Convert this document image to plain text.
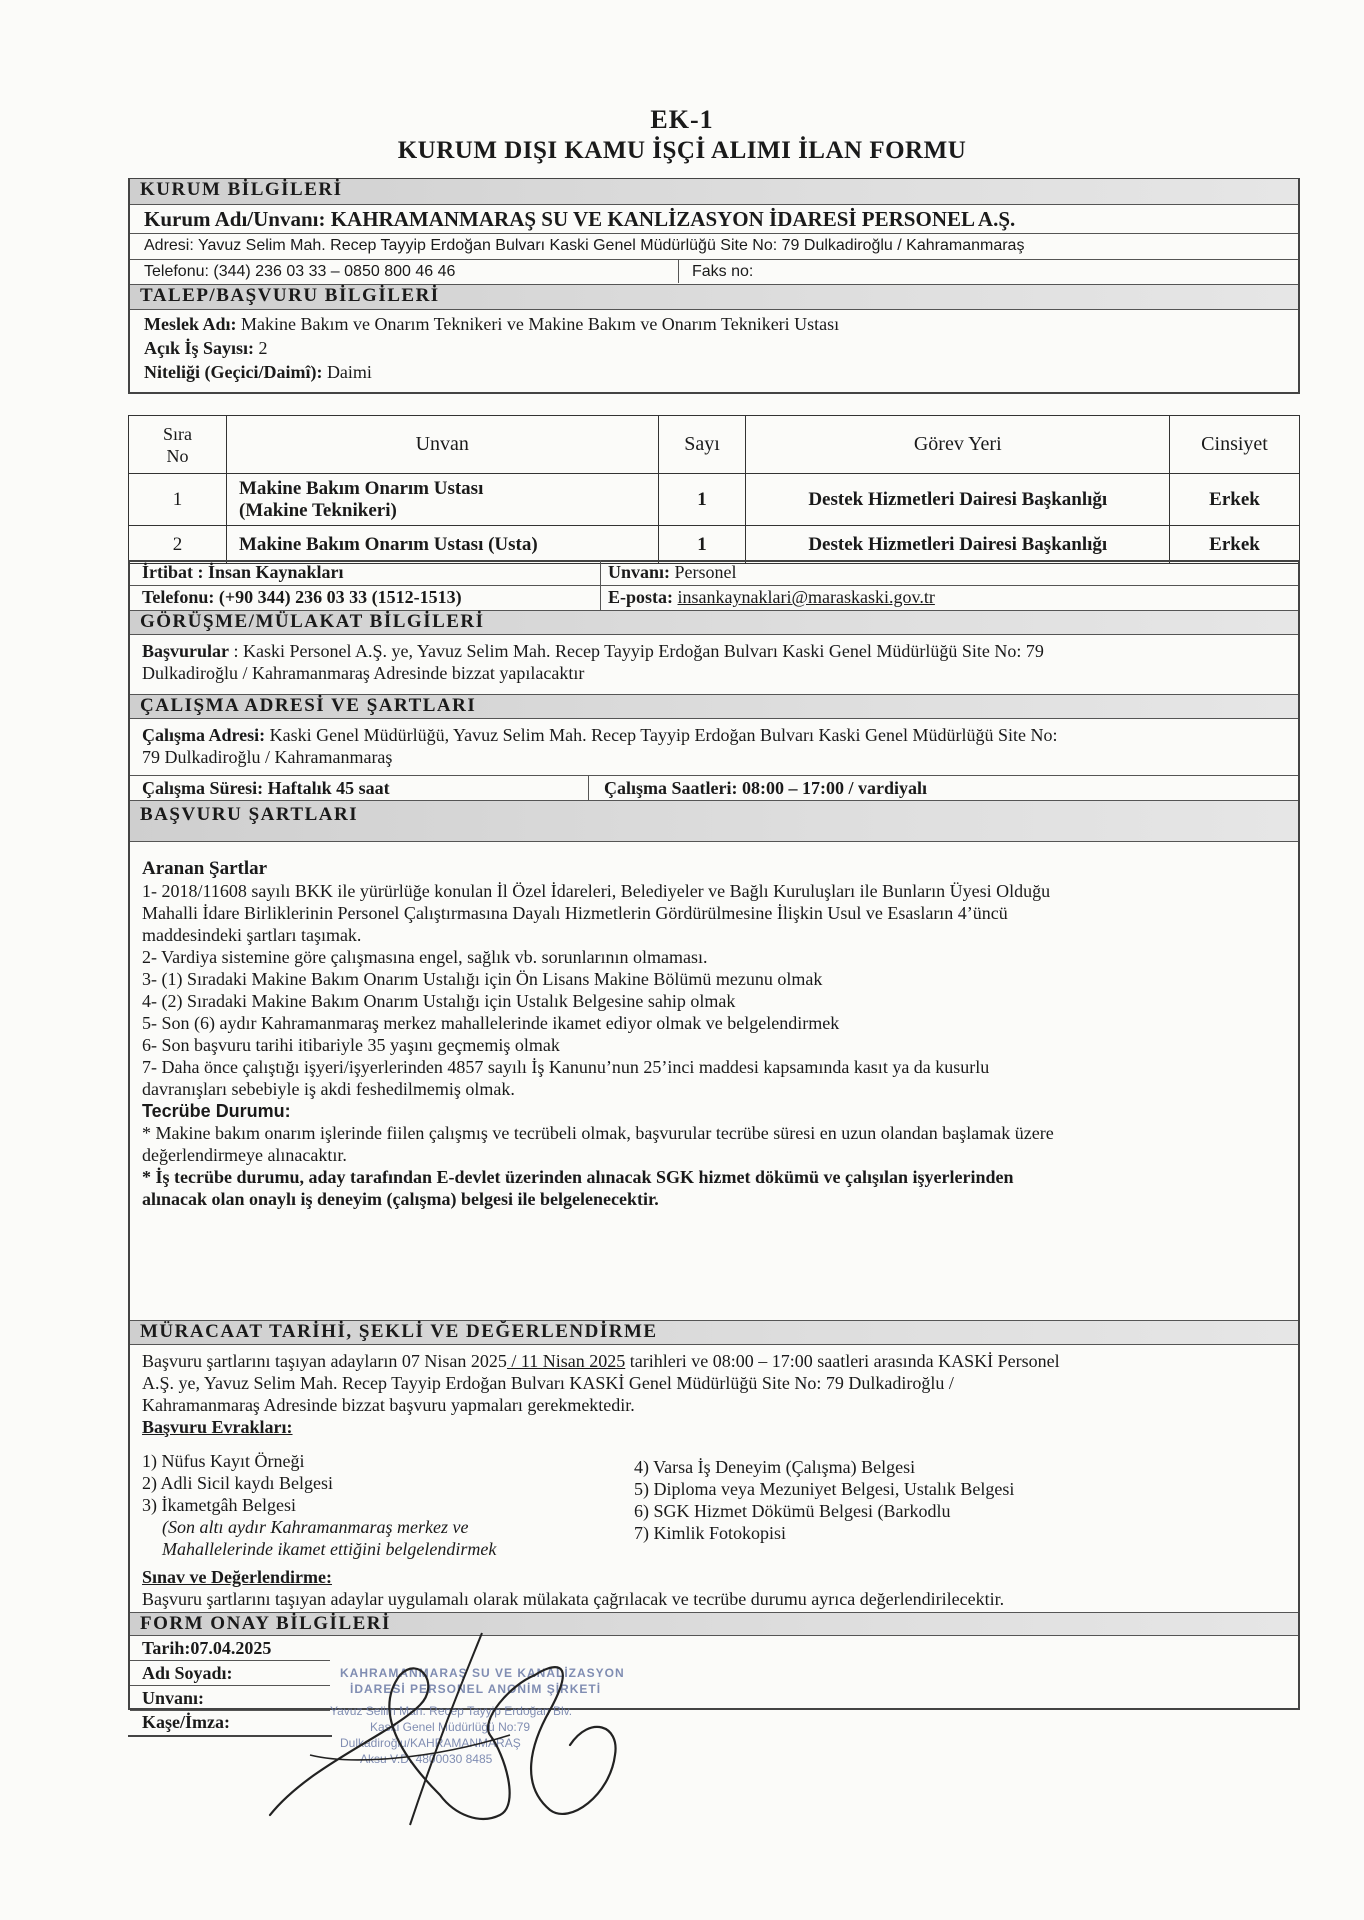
EK-1
KURUM DIŞI KAMU İŞÇİ ALIMI İLAN FORMU
KURUM BİLGİLERİ
Kurum Adı/Unvanı: KAHRAMANMARAŞ SU VE KANLİZASYON İDARESİ PERSONEL A.Ş.
Adresi: Yavuz Selim Mah. Recep Tayyip Erdoğan Bulvarı Kaski Genel Müdürlüğü Site No: 79 Dulkadiroğlu / Kahramanmaraş
Telefonu: (344) 236 03 33 – 0850 800 46 46	Faks no:
TALEP/BAŞVURU BİLGİLERİ
Meslek Adı: Makine Bakım ve Onarım Teknikeri ve Makine Bakım ve Onarım Teknikeri Ustası
Açık İş Sayısı: 2
Niteliği (Geçici/Daimî): Daimi
Sıra No	Unvan	Sayı	Görev Yeri	Cinsiyet
1	Makine Bakım Onarım Ustası
(Makine Teknikeri)	1	Destek Hizmetleri Dairesi Başkanlığı	Erkek
2	Makine Bakım Onarım Ustası (Usta)	1	Destek Hizmetleri Dairesi Başkanlığı	Erkek
İrtibat : İnsan Kaynakları	Unvanı: Personel
Telefonu: (+90 344) 236 03 33 (1512-1513)	E-posta: insankaynaklari@maraskaski.gov.tr
GÖRÜŞME/MÜLAKAT BİLGİLERİ
Başvurular : Kaski Personel A.Ş. ye, Yavuz Selim Mah. Recep Tayyip Erdoğan Bulvarı Kaski Genel Müdürlüğü Site No: 79
Dulkadiroğlu / Kahramanmaraş Adresinde bizzat yapılacaktır
ÇALIŞMA ADRESİ VE ŞARTLARI
Çalışma Adresi: Kaski Genel Müdürlüğü, Yavuz Selim Mah. Recep Tayyip Erdoğan Bulvarı Kaski Genel Müdürlüğü Site No:
79 Dulkadiroğlu / Kahramanmaraş
Çalışma Süresi: Haftalık 45 saat	Çalışma Saatleri: 08:00 – 17:00 / vardiyalı
BAŞVURU ŞARTLARI
Aranan Şartlar
1- 2018/11608 sayılı BKK ile yürürlüğe konulan İl Özel İdareleri, Belediyeler ve Bağlı Kuruluşları ile Bunların Üyesi Olduğu
Mahalli İdare Birliklerinin Personel Çalıştırmasına Dayalı Hizmetlerin Gördürülmesine İlişkin Usul ve Esasların 4’üncü
maddesindeki şartları taşımak.
2- Vardiya sistemine göre çalışmasına engel, sağlık vb. sorunlarının olmaması.
3- (1) Sıradaki Makine Bakım Onarım Ustalığı için Ön Lisans Makine Bölümü mezunu olmak
4- (2) Sıradaki Makine Bakım Onarım Ustalığı için Ustalık Belgesine sahip olmak
5- Son (6) aydır Kahramanmaraş merkez mahallelerinde ikamet ediyor olmak ve belgelendirmek
6- Son başvuru tarihi itibariyle 35 yaşını geçmemiş olmak
7- Daha önce çalıştığı işyeri/işyerlerinden 4857 sayılı İş Kanunu’nun 25’inci maddesi kapsamında kasıt ya da kusurlu
davranışları sebebiyle iş akdi feshedilmemiş olmak.
Tecrübe Durumu:
* Makine bakım onarım işlerinde fiilen çalışmış ve tecrübeli olmak, başvurular tecrübe süresi en uzun olandan başlamak üzere
değerlendirmeye alınacaktır.
* İş tecrübe durumu, aday tarafından E-devlet üzerinden alınacak SGK hizmet dökümü ve çalışılan işyerlerinden
alınacak olan onaylı iş deneyim (çalışma) belgesi ile belgelenecektir.
MÜRACAAT TARİHİ, ŞEKLİ VE DEĞERLENDİRME
Başvuru şartlarını taşıyan adayların 07 Nisan 2025 / 11 Nisan 2025 tarihleri ve 08:00 – 17:00 saatleri arasında KASKİ Personel
A.Ş. ye, Yavuz Selim Mah. Recep Tayyip Erdoğan Bulvarı KASKİ Genel Müdürlüğü Site No: 79 Dulkadiroğlu /
Kahramanmaraş Adresinde bizzat başvuru yapmaları gerekmektedir.
Başvuru Evrakları:
1) Nüfus Kayıt Örneği
2) Adli Sicil kaydı Belgesi
3) İkametgâh Belgesi
(Son altı aydır Kahramanmaraş merkez ve
Mahallelerinde ikamet ettiğini belgelendirmek
4) Varsa İş Deneyim (Çalışma) Belgesi
5) Diploma veya Mezuniyet Belgesi, Ustalık Belgesi
6) SGK Hizmet Dökümü Belgesi (Barkodlu
7) Kimlik Fotokopisi
Sınav ve Değerlendirme:
Başvuru şartlarını taşıyan adaylar uygulamalı olarak mülakata çağrılacak ve tecrübe durumu ayrıca değerlendirilecektir.
FORM ONAY BİLGİLERİ
Tarih:07.04.2025
Adı Soyadı:
Unvanı:
Kaşe/İmza:
KAHRAMANMARAŞ SU VE KANALİZASYON
İDARESİ PERSONEL ANONİM ŞİRKETİ
Yavuz Selim Mah. Recep Tayyip Erdoğan Blv.
Kaski Genel Müdürlüğü No:79
Dulkadiroğlu/KAHRAMANMARAŞ
Aksu V.D. 4800030 8485
